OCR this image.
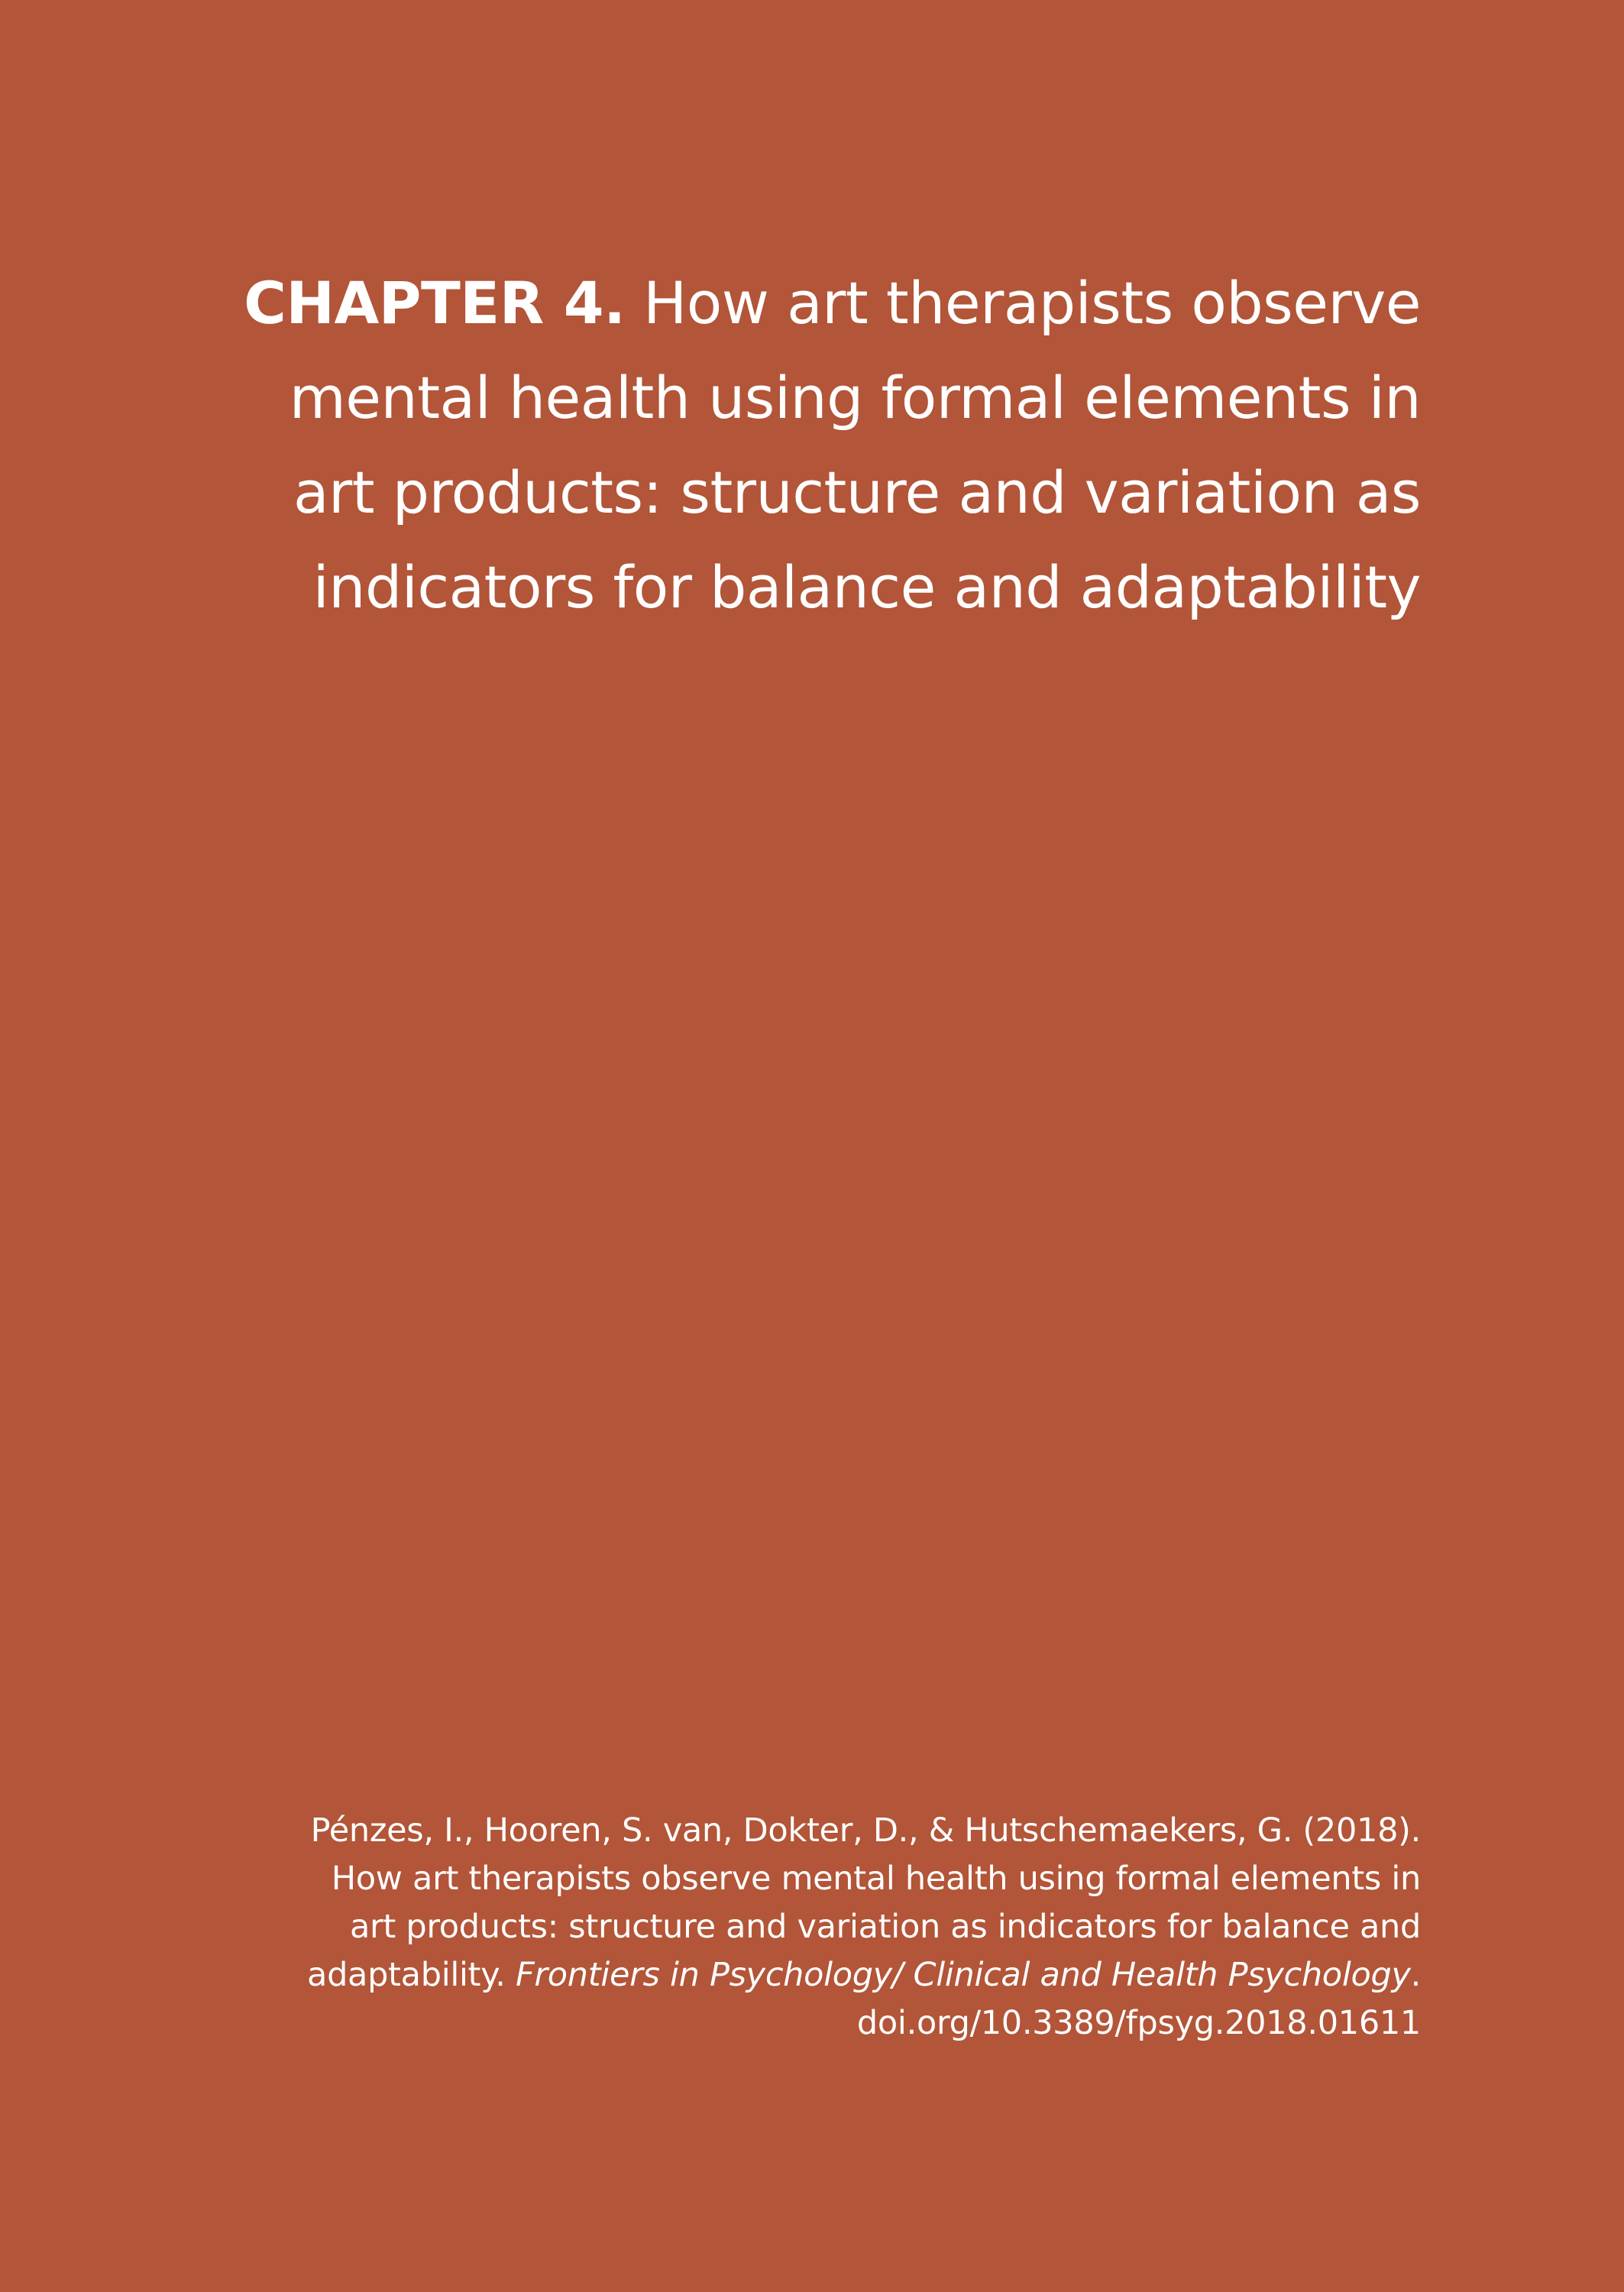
CHAPTER 4. How art therapists observe
mental health using formal elements in
art products: structure and variation as
indicators for balance and adaptability

Pénzes, I., Hooren, S. van, Dokter, D., & Hutschemaekers, G. (2018).
How art therapists observe mental health using formal elements in
art products: structure and variation as indicators for balance and
adaptability. Frontiers in Psychology/ Clinical and Health Psychology.
doi.org/10.3389/fpsyg.2018.01611
